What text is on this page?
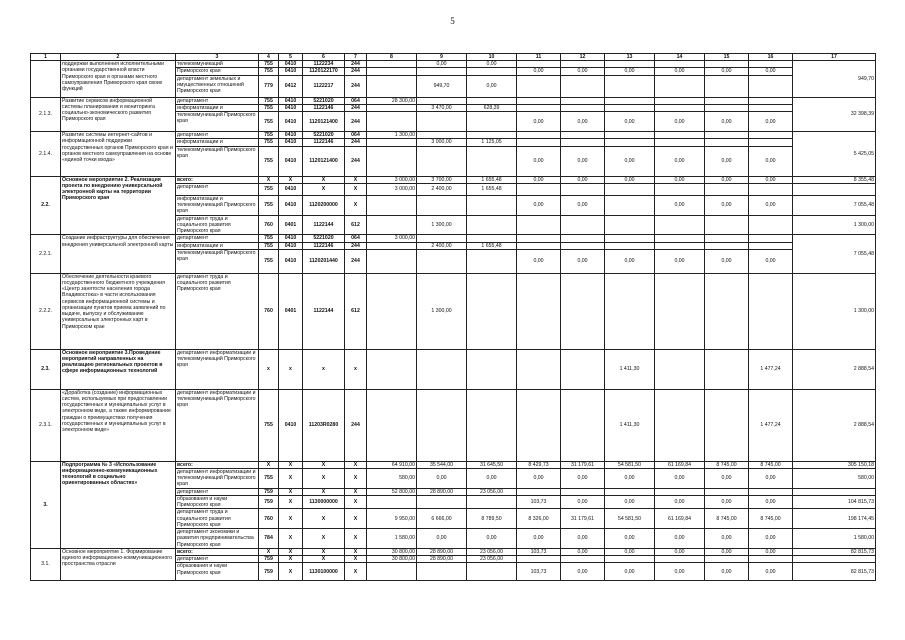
5
1	2	3	4	5	6	7	8	9	10	11	12	13	14	15	16	17
	поддержки выполнения исполнительными органами государственной власти Приморского края и органами местного самоуправления Приморского края своих функций	телекоммуникаций	755	0410	1122234	244		0,00	0,00							949,70
		Приморского края	755	0410	1120122170	244				0,00	0,00	0,00	0,00	0,00	0,00	
		департамент земельных и имущественных отношений Приморского края	779	0412	1122217	244		949,70	0,00							
2.1.3.	Развитие сервисов информационной системы планирования и мониторинга социально-экономического развития Приморского края	департамент	755	0410	5221020	064	28 300,00									32 398,39
		информатизации и	755	0410	1122146	244		3 470,00	628,39							
		телекоммуникаций Приморского края	755	0410	1120121400	244				0,00	0,00	0,00	0,00	0,00	0,00	
2.1.4.	Развитие системы интернет-сайтов и информационной поддержки государственных органов Приморского края и органов местного самоуправления на основе «единой точки входа»	департамент	755	0410	5221020	064	1 300,00									5 425,05
		информатизации и	755	0410	1122146	244		3 000,00	1 125,05							
		телекоммуникаций Приморского края	755	0410	1120121400	244				0,00	0,00	0,00	0,00	0,00	0,00	
2.2.	Основное мероприятие 2. Реализация проекта по внедрению универсальной электронной карты на территории Приморского края	всего:	X	X	X	X	3 000,00	3 700,00	1 655,48	0,00	0,00	0,00	0,00	0,00	0,00	8 355,48
		департамент	755	0410	X	X	3 000,00	2 400,00	1 655,48							
		информатизации и телекоммуникаций Приморского края	755	0410	1120200000	X				0,00	0,00		0,00	0,00	0,00	7 055,48
		департамент труда и социального развития Приморского края	760	0401	1122144	612		1 300,00								1 300,00
2.2.1.	Создание инфраструктуры для обеспечения внедрения универсальной электронной карты	департамент	755	0410	5221020	064	3 000,00									7 055,48
		информатизации и	755	0410	1122146	244		2 400,00	1 655,48							
		телекоммуникаций Приморского края	755	0410	1120201440	244				0,00	0,00	0,00	0,00	0,00	0,00	
2.2.2.	Обеспечение деятельности краевого государственного бюджетного учреждения «Центр занятости населения города Владивостока» в части использования сервисов информационной системы и организации пунктов приема заявлений по выдаче, выпуску и обслуживанию универсальных электронных карт в Приморском крае	департамент труда и социального развития Приморского края	760	0401	1122144	612		1 300,00								1 300,00
2.3.	Основное мероприятие 3.Проведение мероприятий направленных на реализацию региональных проектов в сфере информационных технологий	департамент информатизации и телекоммуникаций Приморского края	x	x	x	x						1 411,30			1 477,24	2 888,54
2.3.1.	«Доработка (создание) информационных систем, используемых при предоставлении государственных и муниципальных услуг в электронном виде, а также информирование граждан о преимуществах получения государственных и муниципальных услуг в электронном виде»	департамент информатизации и телекоммуникаций Приморского края	755	0410	11203R0280	244						1 411,30			1 477,24	2 888,54
3.	Подпрограмма № 3 «Использование информационно-коммуникационных технологий в социально ориентированных областях»	всего:	X	X	X	X	64 910,00	35 544,00	31 645,50	8 429,73	31 179,61	54 581,50	61 169,84	8 745,00	8 745,00	305 150,18
		департамент информатизации и телекоммуникаций Приморского края	755	X	X	X	580,00	0,00	0,00	0,00	0,00	0,00	0,00	0,00	0,00	580,00
		департамент	759	X	X	X	52 800,00	28 890,00	23 056,00							
		образования и науки Приморского края	759	X	1130000000	X				103,73	0,00	0,00	0,00	0,00	0,00	104 815,73
		департамент труда и социального развития Приморского края	760	X	X	X	9 950,00	6 666,00	8 789,50	8 326,00	31 179,61	54 581,50	61 169,84	8 745,00	8 745,00	198 174,45
		департамент экономики и развития предпринимательства Приморского края	784	X	X	X	1 580,00	0,00	0,00	0,00	0,00	0,00	0,00	0,00	0,00	1 580,00
3.1.	Основное мероприятие 1. Формирование единого информационно-коммуникационного пространства отрасли	всего:	X	X	X	X	30 800,00	28 890,00	23 056,00	103,73	0,00	0,00	0,00	0,00	0,00	82 815,73
		департамент	759	X	X	X	30 800,00	28 890,00	23 056,00							
		образования и науки Приморского края	759	X	1130100000	X				103,73	0,00	0,00	0,00	0,00	0,00	82 815,73
